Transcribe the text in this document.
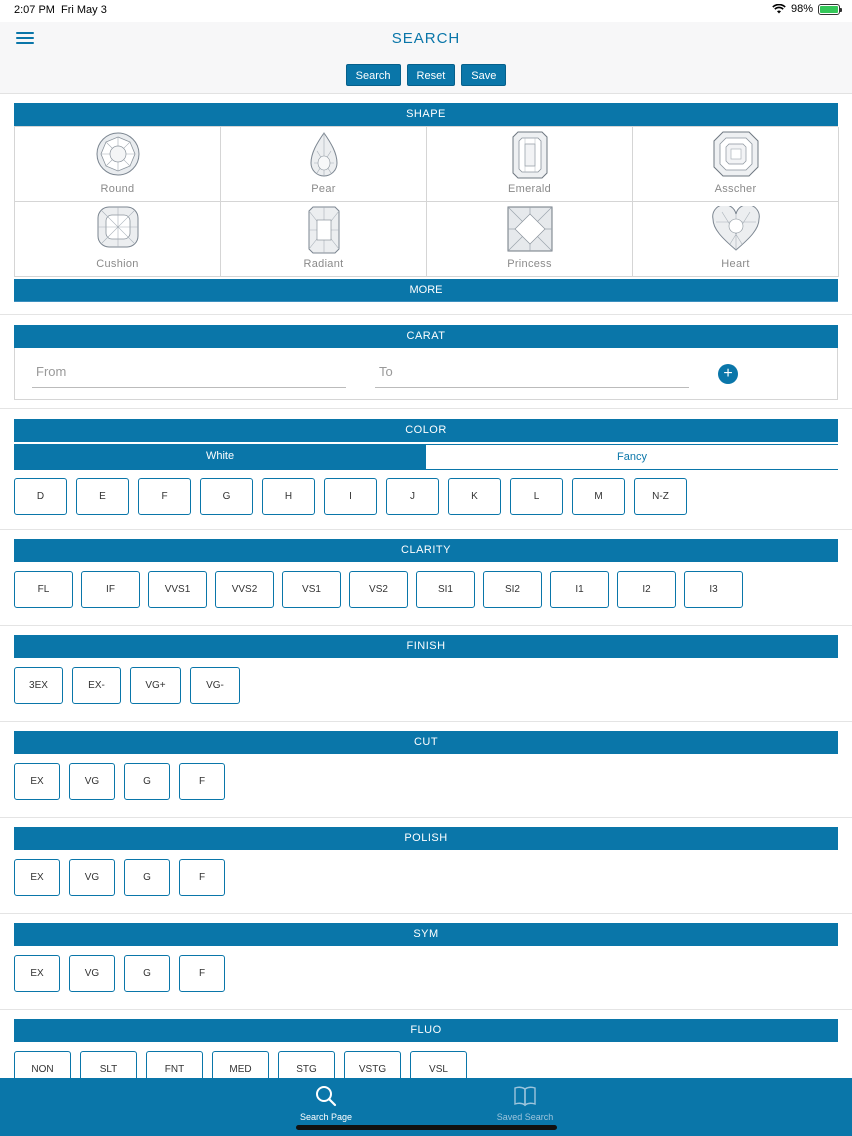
2:07 PM Fri May 3	98%
SEARCH
Search	Reset	Save
SHAPE
Round	Pear	Emerald	Asscher
Cushion	Radiant	Princess	Heart
MORE
CARAT
From	To	+
COLOR
White	Fancy
D	E	F	G	H	I	J	K	L	M	N-Z
CLARITY
FL	IF	VVS1	VVS2	VS1	VS2	SI1	SI2	I1	I2	I3
FINISH
3EX	EX-	VG+	VG-
CUT
EX	VG	G	F
POLISH
EX	VG	G	F
SYM
EX	VG	G	F
FLUO
NON	SLT	FNT	MED	STG	VSTG	VSL
Search Page	Saved Search
